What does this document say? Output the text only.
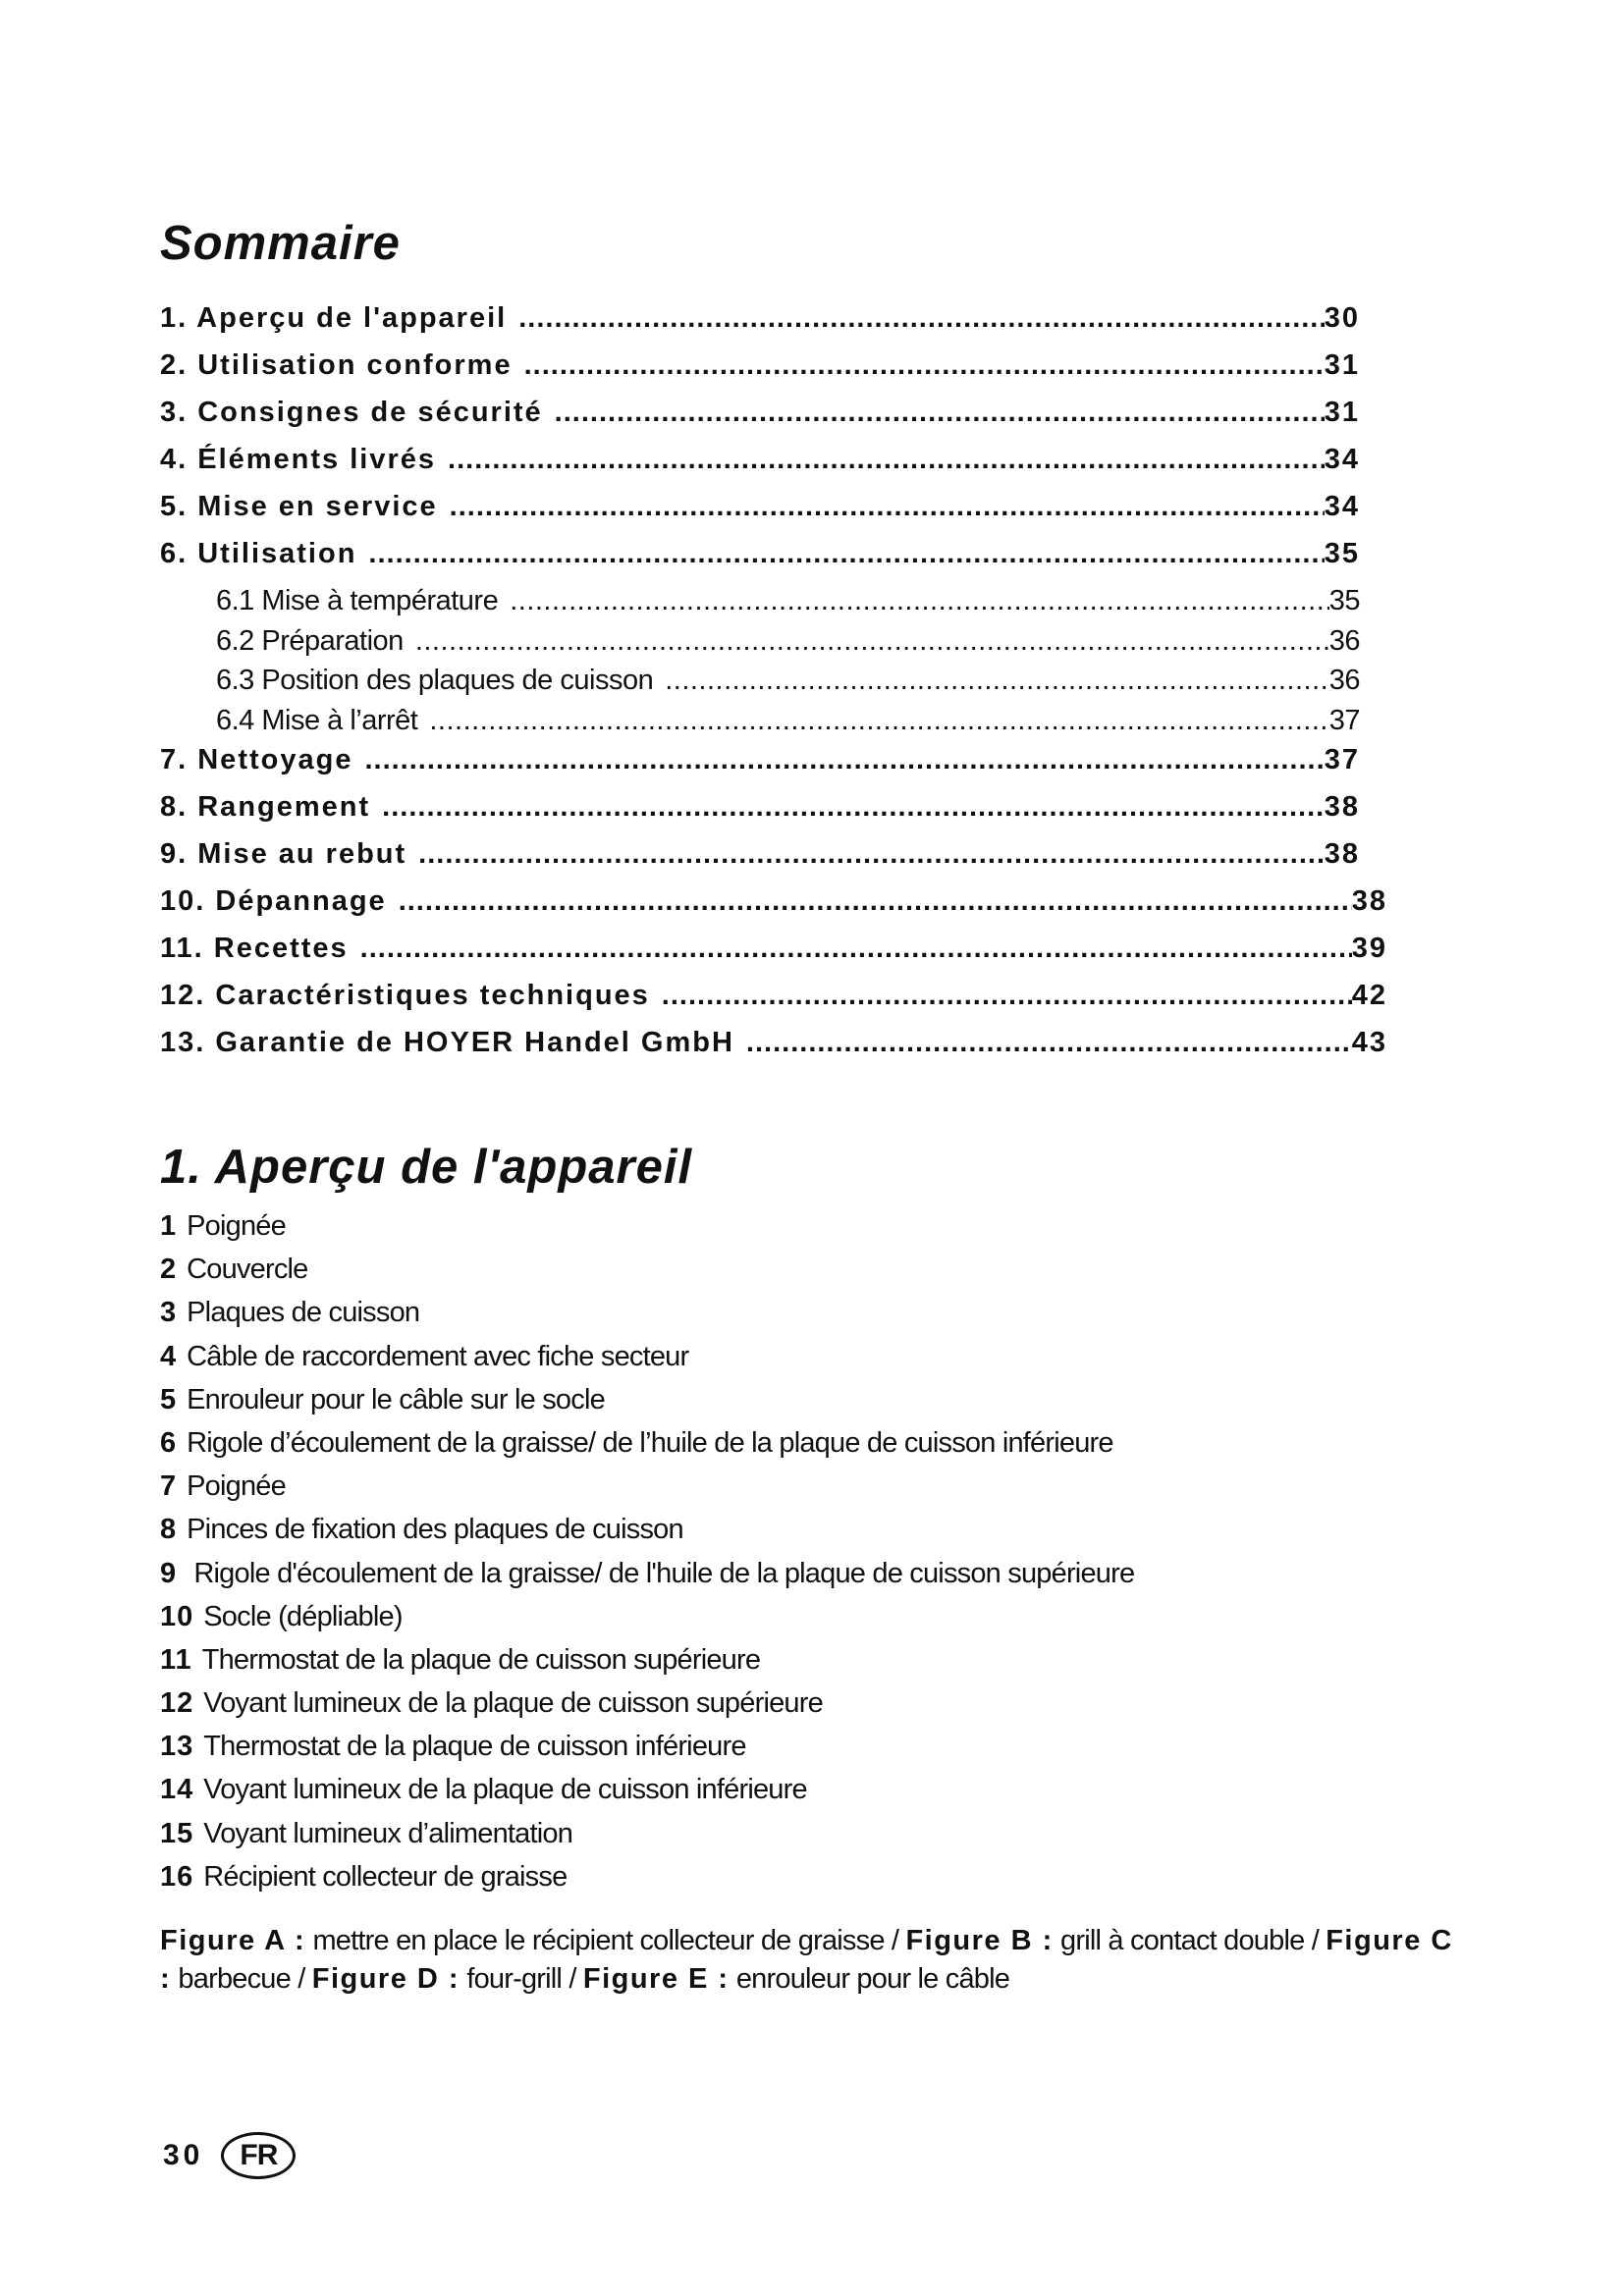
Sommaire
1. Aperçu de l'appareil .....	30
2. Utilisation conforme .....	31
3. Consignes de sécurité .....	31
4. Éléments livrés .....	34
5. Mise en service .....	34
6. Utilisation .....	35
6.1 Mise à température .....	35
6.2 Préparation .....	36
6.3 Position des plaques de cuisson .....	36
6.4 Mise à l’arrêt .....	37
7. Nettoyage .....	37
8. Rangement .....	38
9. Mise au rebut .....	38
10. Dépannage .....	38
11. Recettes .....	39
12. Caractéristiques techniques .....	42
13. Garantie de HOYER Handel GmbH .....	43
1. Aperçu de l'appareil
1 Poignée
2 Couvercle
3 Plaques de cuisson
4 Câble de raccordement avec fiche secteur
5 Enrouleur pour le câble sur le socle
6 Rigole d’écoulement de la graisse/ de l’huile de la plaque de cuisson inférieure
7 Poignée
8 Pinces de fixation des plaques de cuisson
9 Rigole d'écoulement de la graisse/ de l'huile de la plaque de cuisson supérieure
10 Socle (dépliable)
11 Thermostat de la plaque de cuisson supérieure
12 Voyant lumineux de la plaque de cuisson supérieure
13 Thermostat de la plaque de cuisson inférieure
14 Voyant lumineux de la plaque de cuisson inférieure
15 Voyant lumineux d’alimentation
16 Récipient collecteur de graisse
Figure A : mettre en place le récipient collecteur de graisse / Figure B : grill à contact double / Figure C : barbecue / Figure D : four-grill / Figure E : enrouleur pour le câble
30	FR
